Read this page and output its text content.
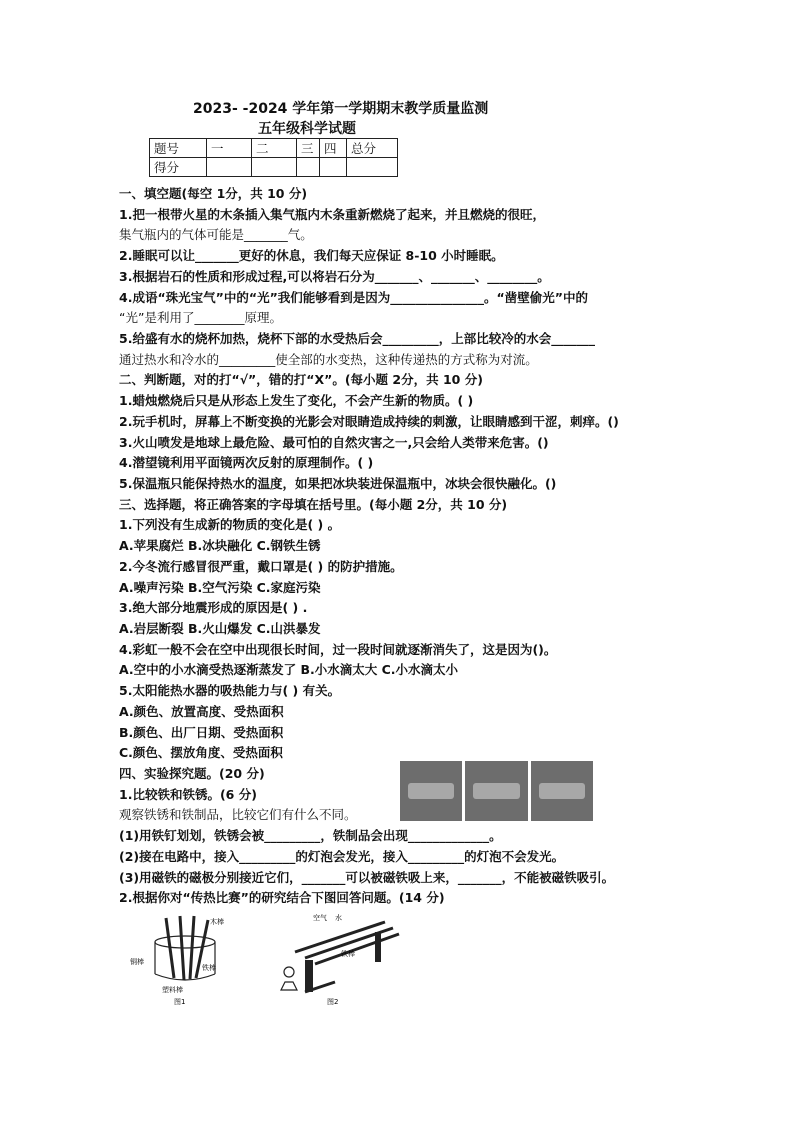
2023- -2024 学年第一学期期末教学质量监测
五年级科学试题
题号	一	二	三	四	总分
得分					
一、填空题(每空 1分，共 10 分)
1.把一根带火星的木条插入集气瓶内木条重新燃烧了起来，并且燃烧的很旺，
集气瓶内的气体可能是_______气。
2.睡眠可以让_______更好的休息，我们每天应保证 8-10 小时睡眠。
3.根据岩石的性质和形成过程,可以将岩石分为_______、_______、________。
4.成语“珠光宝气”中的“光”我们能够看到是因为_______________。“凿壁偷光”中的
“光”是利用了________原理。
5.给盛有水的烧杯加热，烧杯下部的水受热后会_________，上部比较冷的水会_______
通过热水和冷水的_________使全部的水变热，这种传递热的方式称为对流。
二、判断题，对的打“√”，错的打“X”。(每小题 2分，共 10 分)
1.蜡烛燃烧后只是从形态上发生了变化，不会产生新的物质。( )
2.玩手机时，屏幕上不断变换的光影会对眼睛造成持续的刺激，让眼睛感到干涩，刺痒。()
3.火山喷发是地球上最危险、最可怕的自然灾害之一,只会给人类带来危害。()
4.潜望镜利用平面镜两次反射的原理制作。( )
5.保温瓶只能保持热水的温度，如果把冰块装进保温瓶中，冰块会很快融化。()
三、选择题，将正确答案的字母填在括号里。(每小题 2分，共 10 分)
1.下列没有生成新的物质的变化是( ) 。
A.苹果腐烂 B.冰块融化 C.钢铁生锈
2.今冬流行感冒很严重，戴口罩是( ) 的防护措施。
A.噪声污染 B.空气污染 C.家庭污染
3.绝大部分地震形成的原因是( ) .
A.岩层断裂 B.火山爆发 C.山洪暴发
4.彩虹一般不会在空中出现很长时间，过一段时间就逐渐消失了，这是因为()。
A.空中的小水滴受热逐渐蒸发了 B.小水滴太大 C.小水滴太小
5.太阳能热水器的吸热能力与( ) 有关。
A.颜色、放置高度、受热面积
B.颜色、出厂日期、受热面积
C.颜色、摆放角度、受热面积
四、实验探究题。(20 分)
1.比较铁和铁锈。(6 分)
观察铁锈和铁制品，比较它们有什么不同。
(1)用铁钉划划，铁锈会被_________，铁制品会出现_____________。
(2)接在电路中，接入_________的灯泡会发光，接入_________的灯泡不会发光。
(3)用磁铁的磁极分别接近它们，_______可以被磁铁吸上来，_______，不能被磁铁吸引。
2.根据你对“传热比赛”的研究结合下图回答问题。(14 分)
木棒
铜棒
铁棒
塑料棒
图1
空气 水
铁棒
图2
